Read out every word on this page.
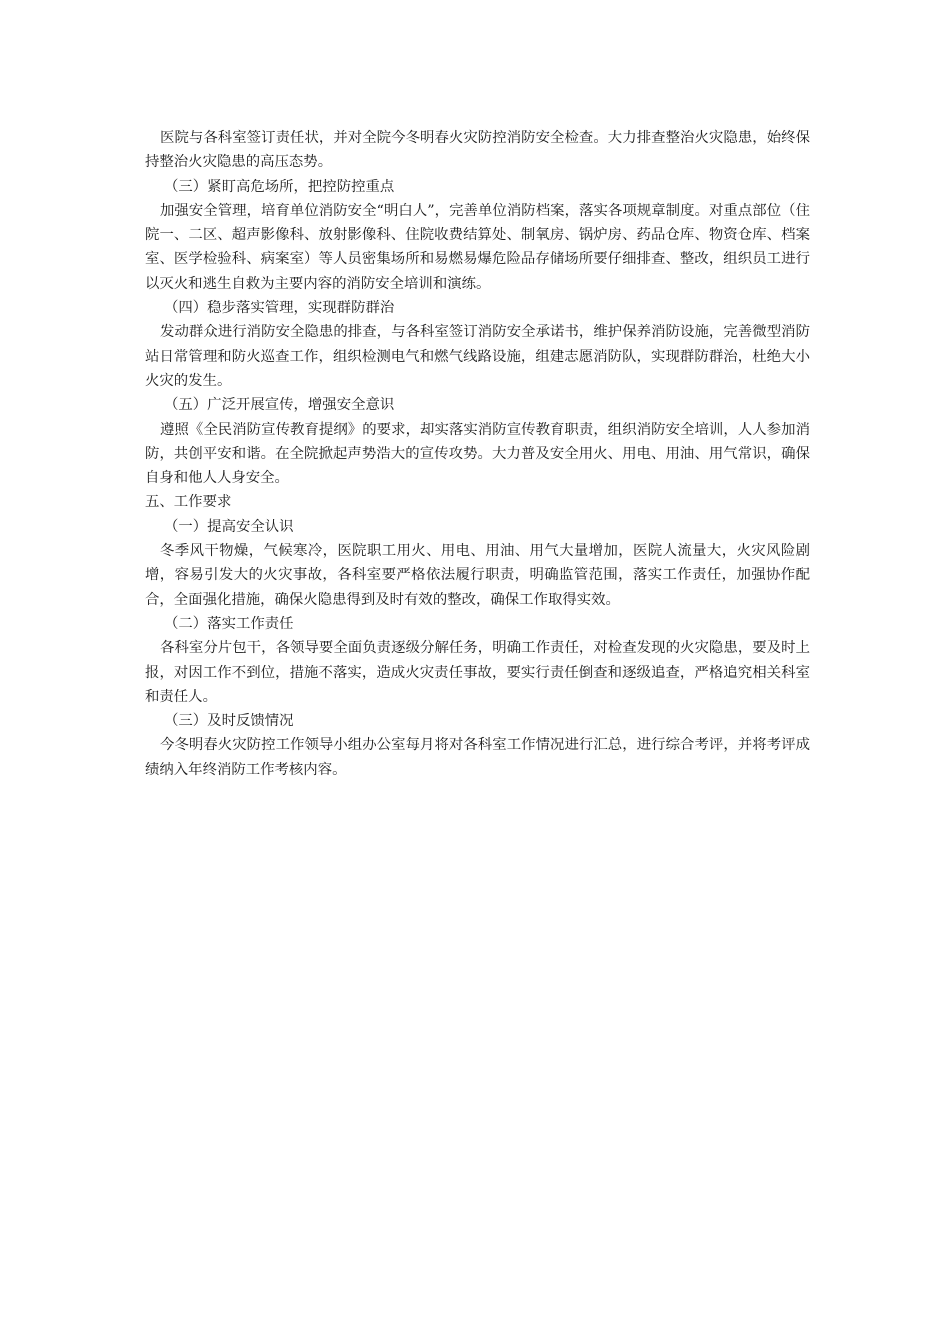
医院与各科室签订责任状，并对全院今冬明春火灾防控消防安全检查。大力排查整治火灾隐患，始终保持整治火灾隐患的高压态势。

（三）紧盯高危场所，把控防控重点

加强安全管理，培育单位消防安全“明白人”，完善单位消防档案，落实各项规章制度。对重点部位（住院一、二区、超声影像科、放射影像科、住院收费结算处、制氧房、锅炉房、药品仓库、物资仓库、档案室、医学检验科、病案室）等人员密集场所和易燃易爆危险品存储场所要仔细排查、整改，组织员工进行以灭火和逃生自救为主要内容的消防安全培训和演练。

（四）稳步落实管理，实现群防群治

发动群众进行消防安全隐患的排查，与各科室签订消防安全承诺书，维护保养消防设施，完善微型消防站日常管理和防火巡查工作，组织检测电气和燃气线路设施，组建志愿消防队，实现群防群治，杜绝大小火灾的发生。

（五）广泛开展宣传，增强安全意识

遵照《全民消防宣传教育提纲》的要求，却实落实消防宣传教育职责，组织消防安全培训，人人参加消防，共创平安和谐。在全院掀起声势浩大的宣传攻势。大力普及安全用火、用电、用油、用气常识，确保自身和他人人身安全。

五、工作要求

（一）提高安全认识

冬季风干物燥，气候寒冷，医院职工用火、用电、用油、用气大量增加，医院人流量大，火灾风险剧增，容易引发大的火灾事故，各科室要严格依法履行职责，明确监管范围，落实工作责任，加强协作配合，全面强化措施，确保火隐患得到及时有效的整改，确保工作取得实效。

（二）落实工作责任

各科室分片包干，各领导要全面负责逐级分解任务，明确工作责任，对检查发现的火灾隐患，要及时上报，对因工作不到位，措施不落实，造成火灾责任事故，要实行责任倒查和逐级追查，严格追究相关科室和责任人。

（三）及时反馈情况

今冬明春火灾防控工作领导小组办公室每月将对各科室工作情况进行汇总，进行综合考评，并将考评成绩纳入年终消防工作考核内容。
